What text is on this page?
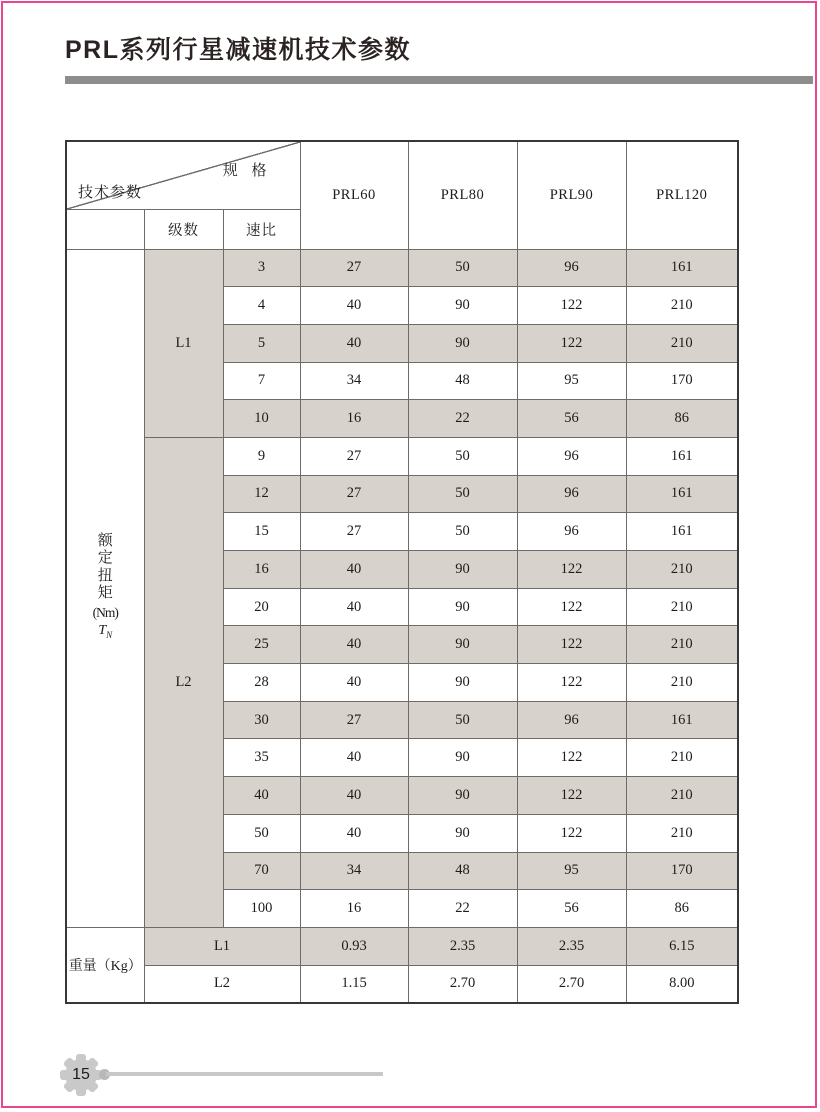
PRL系列行星减速机技术参数
规 格
技术参数			PRL60	PRL80	PRL90	PRL120
	级数	速比				

额
定
扭
矩
(Nm)
$T_N$
	L1	3	27	50	96	161
		4	40	90	122	210
		5	40	90	122	210
		7	34	48	95	170
		10	16	22	56	86
	L2	9	27	50	96	161
		12	27	50	96	161
		15	27	50	96	161
		16	40	90	122	210
		20	40	90	122	210
		25	40	90	122	210
		28	40	90	122	210
		30	27	50	96	161
		35	40	90	122	210
		40	40	90	122	210
		50	40	90	122	210
		70	34	48	95	170
		100	16	22	56	86
重量（Kg）	L1		0.93	2.35	2.35	6.15
	L2		1.15	2.70	2.70	8.00
15
